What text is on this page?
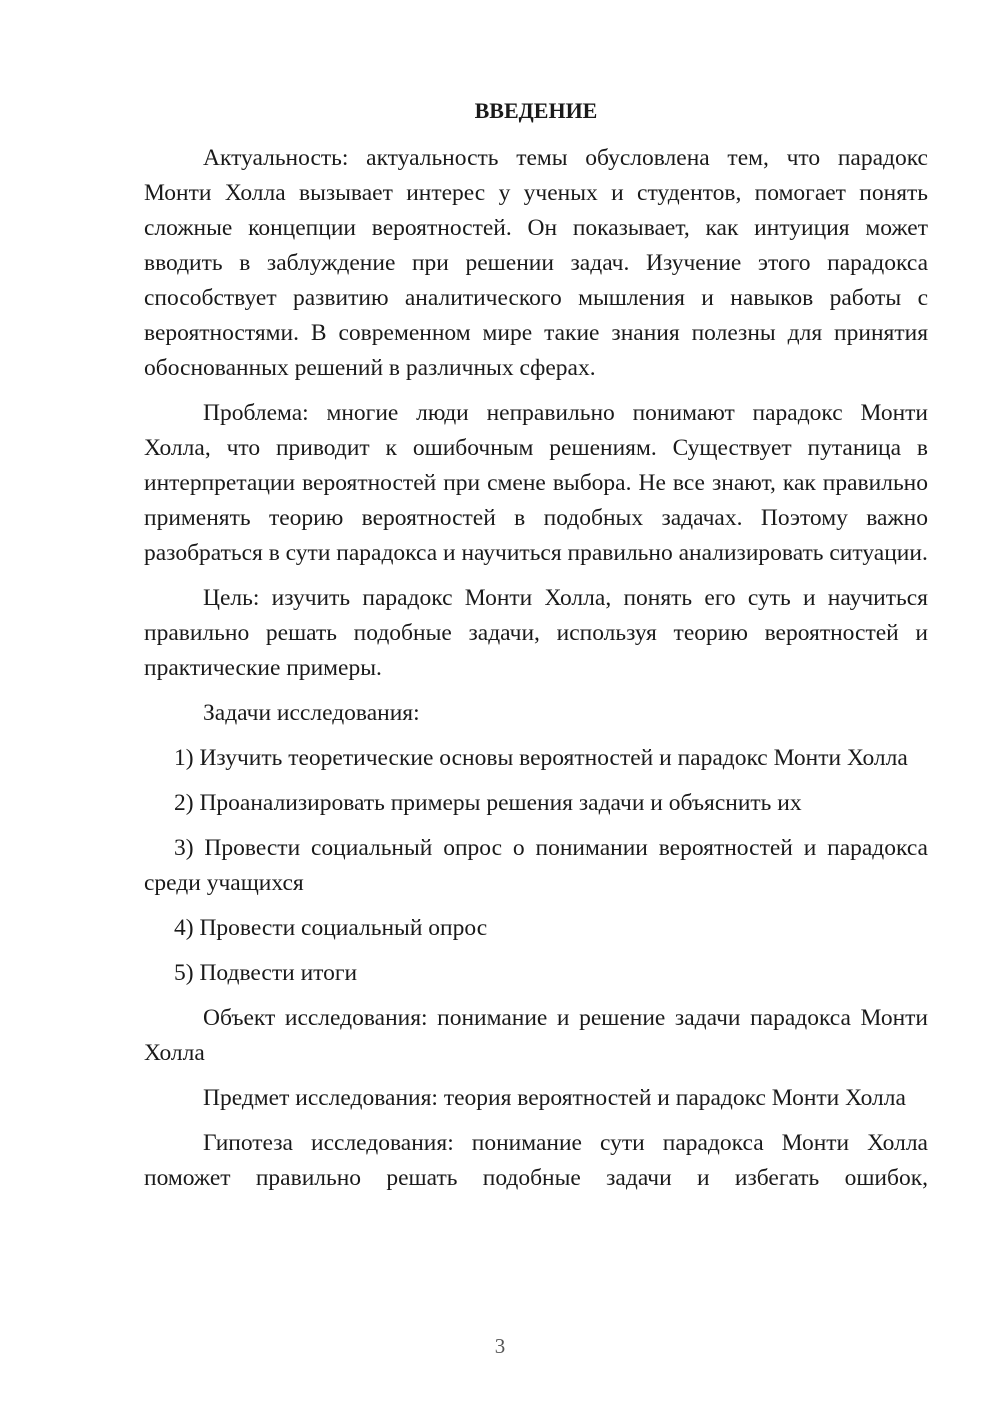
ВВЕДЕНИЕ

Актуальность: актуальность темы обусловлена тем, что парадокс Монти Холла вызывает интерес у ученых и студентов, помогает понять сложные концепции вероятностей. Он показывает, как интуиция может вводить в заблуждение при решении задач. Изучение этого парадокса способствует развитию аналитического мышления и навыков работы с вероятностями. В современном мире такие знания полезны для принятия обоснованных решений в различных сферах.

Проблема: многие люди неправильно понимают парадокс Монти Холла, что приводит к ошибочным решениям. Существует путаница в интерпретации вероятностей при смене выбора. Не все знают, как правильно применять теорию вероятностей в подобных задачах. Поэтому важно разобраться в сути парадокса и научиться правильно анализировать ситуации.

Цель: изучить парадокс Монти Холла, понять его суть и научиться правильно решать подобные задачи, используя теорию вероятностей и практические примеры.

Задачи исследования:

1) Изучить теоретические основы вероятностей и парадокс Монти Холла

2) Проанализировать примеры решения задачи и объяснить их

3) Провести социальный опрос о понимании вероятностей и парадокса среди учащихся

4) Провести социальный опрос

5) Подвести итоги

Объект исследования: понимание и решение задачи парадокса Монти Холла

Предмет исследования: теория вероятностей и парадокс Монти Холла

Гипотеза исследования: понимание сути парадокса Монти Холла поможет правильно решать подобные задачи и избегать ошибок,

3
